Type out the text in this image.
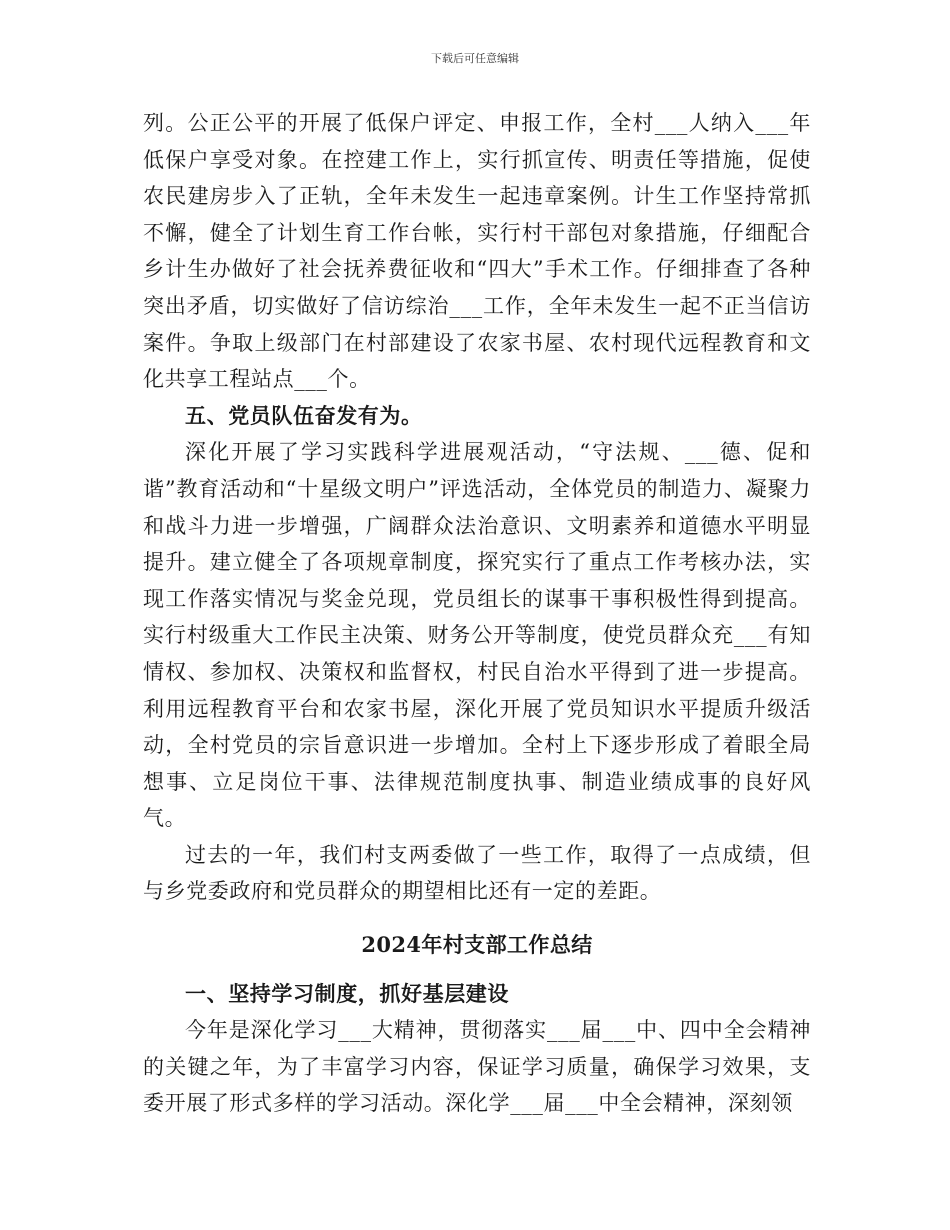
下载后可任意编辑

列。公正公平的开展了低保户评定、申报工作，全村___人纳入___年低保户享受对象。在控建工作上，实行抓宣传、明责任等措施，促使农民建房步入了正轨，全年未发生一起违章案例。计生工作坚持常抓不懈，健全了计划生育工作台帐，实行村干部包对象措施，仔细配合乡计生办做好了社会抚养费征收和“四大”手术工作。仔细排查了各种突出矛盾，切实做好了信访综治___工作，全年未发生一起不正当信访案件。争取上级部门在村部建设了农家书屋、农村现代远程教育和文化共享工程站点___个。

五、党员队伍奋发有为。

深化开展了学习实践科学进展观活动，“守法规、___德、促和谐”教育活动和“十星级文明户”评选活动，全体党员的制造力、凝聚力和战斗力进一步增强，广阔群众法治意识、文明素养和道德水平明显提升。建立健全了各项规章制度，探究实行了重点工作考核办法，实现工作落实情况与奖金兑现，党员组长的谋事干事积极性得到提高。实行村级重大工作民主决策、财务公开等制度，使党员群众充___有知情权、参加权、决策权和监督权，村民自治水平得到了进一步提高。利用远程教育平台和农家书屋，深化开展了党员知识水平提质升级活动，全村党员的宗旨意识进一步增加。全村上下逐步形成了着眼全局想事、立足岗位干事、法律规范制度执事、制造业绩成事的良好风气。

过去的一年，我们村支两委做了一些工作，取得了一点成绩，但与乡党委政府和党员群众的期望相比还有一定的差距。

2024年村支部工作总结

一、坚持学习制度，抓好基层建设

今年是深化学习___大精神，贯彻落实___届___中、四中全会精神的关键之年，为了丰富学习内容，保证学习质量，确保学习效果，支委开展了形式多样的学习活动。深化学___届___中全会精神，深刻领
